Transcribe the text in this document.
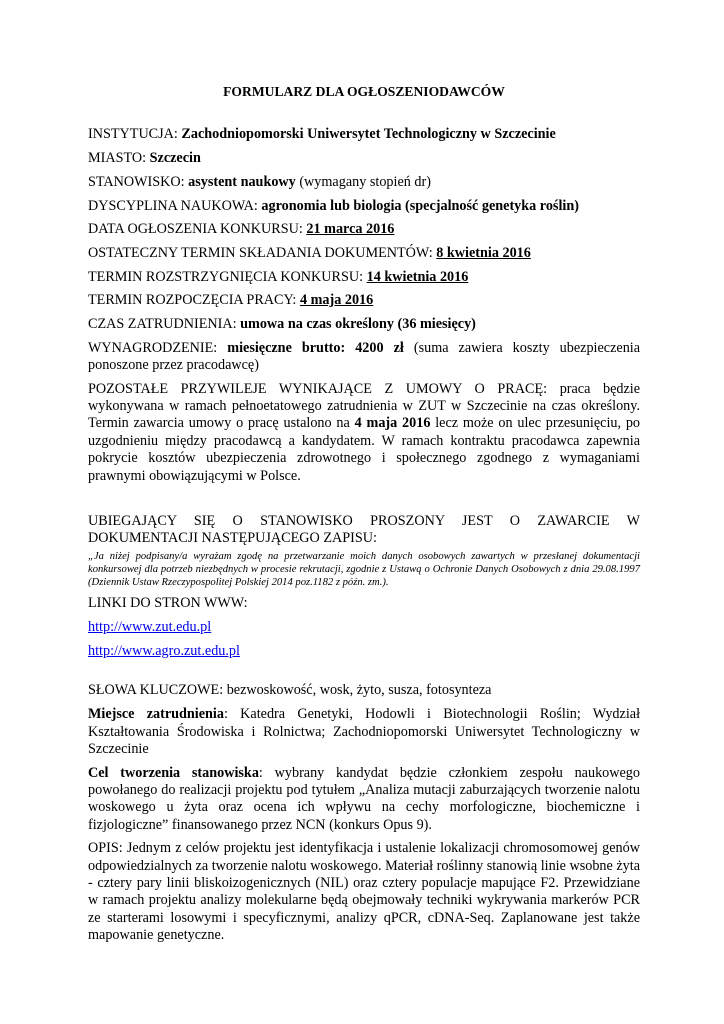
FORMULARZ DLA OGŁOSZENIODAWCÓW

INSTYTUCJA: Zachodniopomorski Uniwersytet Technologiczny w Szczecinie

MIASTO: Szczecin

STANOWISKO: asystent naukowy (wymagany stopień dr)

DYSCYPLINA NAUKOWA: agronomia lub biologia (specjalność genetyka roślin)

DATA OGŁOSZENIA KONKURSU: 21 marca 2016

OSTATECZNY TERMIN SKŁADANIA DOKUMENTÓW: 8 kwietnia 2016

TERMIN ROZSTRZYGNIĘCIA KONKURSU: 14 kwietnia 2016

TERMIN ROZPOCZĘCIA PRACY: 4 maja 2016

CZAS ZATRUDNIENIA: umowa na czas określony (36 miesięcy)

WYNAGRODZENIE: miesięczne brutto: 4200 zł (suma zawiera koszty ubezpieczenia ponoszone przez pracodawcę)

POZOSTAŁE PRZYWILEJE WYNIKAJĄCE Z UMOWY O PRACĘ: praca będzie wykonywana w ramach pełnoetatowego zatrudnienia w ZUT w Szczecinie na czas określony. Termin zawarcia umowy o pracę ustalono na 4 maja 2016 lecz może on ulec przesunięciu, po uzgodnieniu między pracodawcą a kandydatem. W ramach kontraktu pracodawca zapewnia pokrycie kosztów ubezpieczenia zdrowotnego i społecznego zgodnego z wymaganiami prawnymi obowiązującymi w Polsce.

UBIEGAJĄCY SIĘ O STANOWISKO PROSZONY JEST O ZAWARCIE W DOKUMENTACJI NASTĘPUJĄCEGO ZAPISU:

„Ja niżej podpisany/a wyrażam zgodę na przetwarzanie moich danych osobowych zawartych w przesłanej dokumentacji konkursowej dla potrzeb niezbędnych w procesie rekrutacji, zgodnie z Ustawą o Ochronie Danych Osobowych z dnia 29.08.1997 (Dziennik Ustaw Rzeczypospolitej Polskiej 2014 poz.1182 z późn. zm.).

LINKI DO STRON WWW:

http://www.zut.edu.pl

http://www.agro.zut.edu.pl

SŁOWA KLUCZOWE: bezwoskowość, wosk, żyto, susza, fotosynteza

Miejsce zatrudnienia: Katedra Genetyki, Hodowli i Biotechnologii Roślin; Wydział Kształtowania Środowiska i Rolnictwa; Zachodniopomorski Uniwersytet Technologiczny w Szczecinie

Cel tworzenia stanowiska: wybrany kandydat będzie członkiem zespołu naukowego powołanego do realizacji projektu pod tytułem „Analiza mutacji zaburzających tworzenie nalotu woskowego u żyta oraz ocena ich wpływu na cechy morfologiczne, biochemiczne i fizjologiczne” finansowanego przez NCN (konkurs Opus 9).

OPIS: Jednym z celów projektu jest identyfikacja i ustalenie lokalizacji chromosomowej genów odpowiedzialnych za tworzenie nalotu woskowego. Materiał roślinny stanowią linie wsobne żyta - cztery pary linii bliskoizogenicznych (NIL) oraz cztery populacje mapujące F2. Przewidziane w ramach projektu analizy molekularne będą obejmowały techniki wykrywania markerów PCR ze starterami losowymi i specyficznymi, analizy qPCR, cDNA-Seq. Zaplanowane jest także mapowanie genetyczne.
